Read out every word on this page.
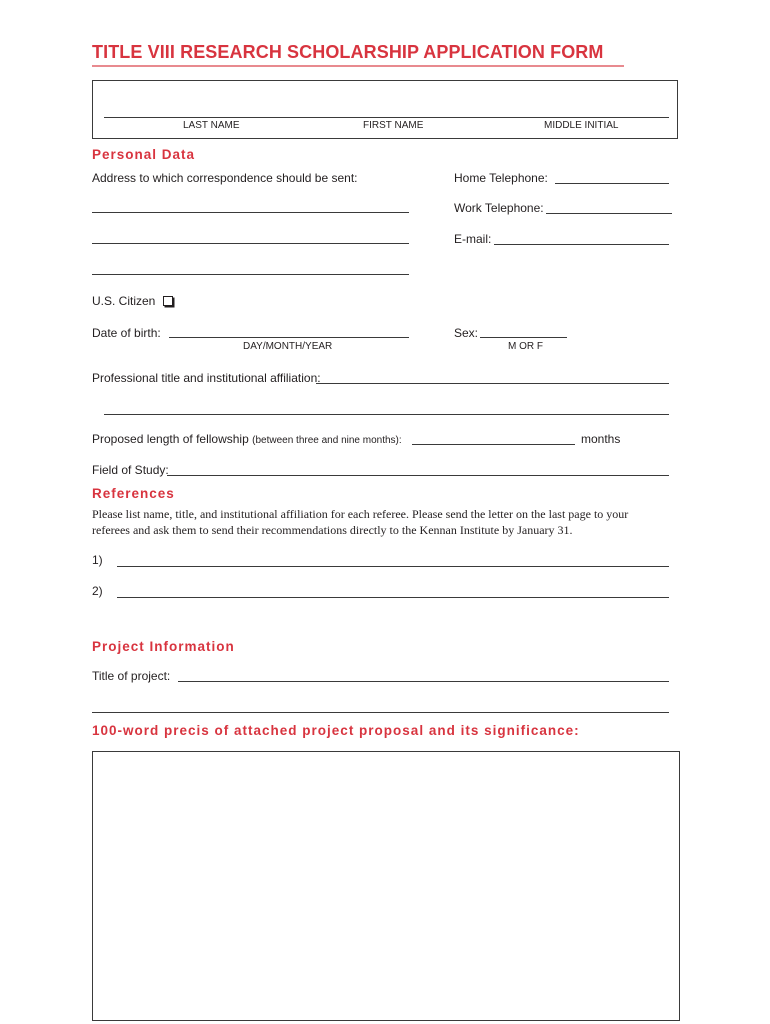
TITLE VIII RESEARCH SCHOLARSHIP APPLICATION FORM
LAST NAME	FIRST NAME	MIDDLE INITIAL
Personal Data
Address to which correspondence should be sent:	Home Telephone:
Work Telephone:
E-mail:
U.S. Citizen
Date of birth:
DAY/MONTH/YEAR
Sex:
M OR F
Professional title and institutional affiliation:
Proposed length of fellowship (between three and nine months):	months
Field of Study:
References
Please list name, title, and institutional affiliation for each referee. Please send the letter on the last page to your referees and ask them to send their recommendations directly to the Kennan Institute by January 31.
1)
2)
Project Information
Title of project:
100-word precis of attached project proposal and its significance:
